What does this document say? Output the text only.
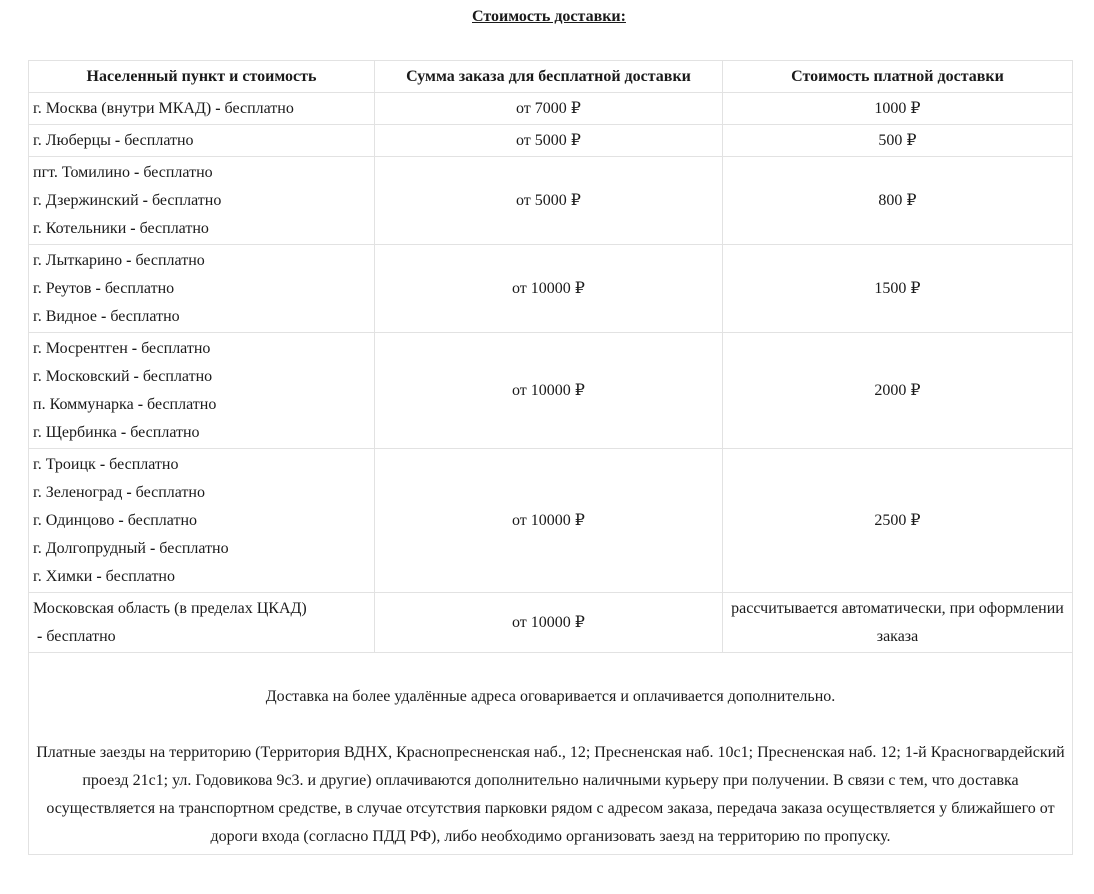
Стоимость доставки:
Населенный пункт и стоимость	Сумма заказа для бесплатной доставки	Стоимость платной доставки

г. Москва (внутри МКАД) - бесплатно	от 7000 ₽	1000 ₽

г. Люберцы - бесплатно	от 5000 ₽	500 ₽

пгт. Томилино - бесплатно
г. Дзержинский - бесплатно
г. Котельники - бесплатно	от 5000 ₽	800 ₽

г. Лыткарино - бесплатно
г. Реутов - бесплатно
г. Видное - бесплатно	от 10000 ₽	1500 ₽

г. Мосрентген - бесплатно
г. Московский - бесплатно
п. Коммунарка - бесплатно
г. Щербинка - бесплатно	от 10000 ₽	2000 ₽

г. Троицк - бесплатно
г. Зеленоград - бесплатно
г. Одинцово - бесплатно
г. Долгопрудный - бесплатно
г. Химки - бесплатно	от 10000 ₽	2500 ₽

Московская область (в пределах ЦКАД) - бесплатно	от 10000 ₽	рассчитывается автоматически, при оформлении заказа

Доставка на более удалённые адреса оговаривается и оплачивается дополнительно.

Платные заезды на территорию (Территория ВДНХ, Краснопресненская наб., 12; Пресненская наб. 10с1; Пресненская наб. 12; 1-й Красногвардейский проезд 21с1; ул. Годовикова 9с3. и другие) оплачиваются дополнительно наличными курьеру при получении. В связи с тем, что доставка осуществляется на транспортном средстве, в случае отсутствия парковки рядом с адресом заказа, передача заказа осуществляется у ближайшего от дороги входа (согласно ПДД РФ), либо необходимо организовать заезд на территорию по пропуску.		
